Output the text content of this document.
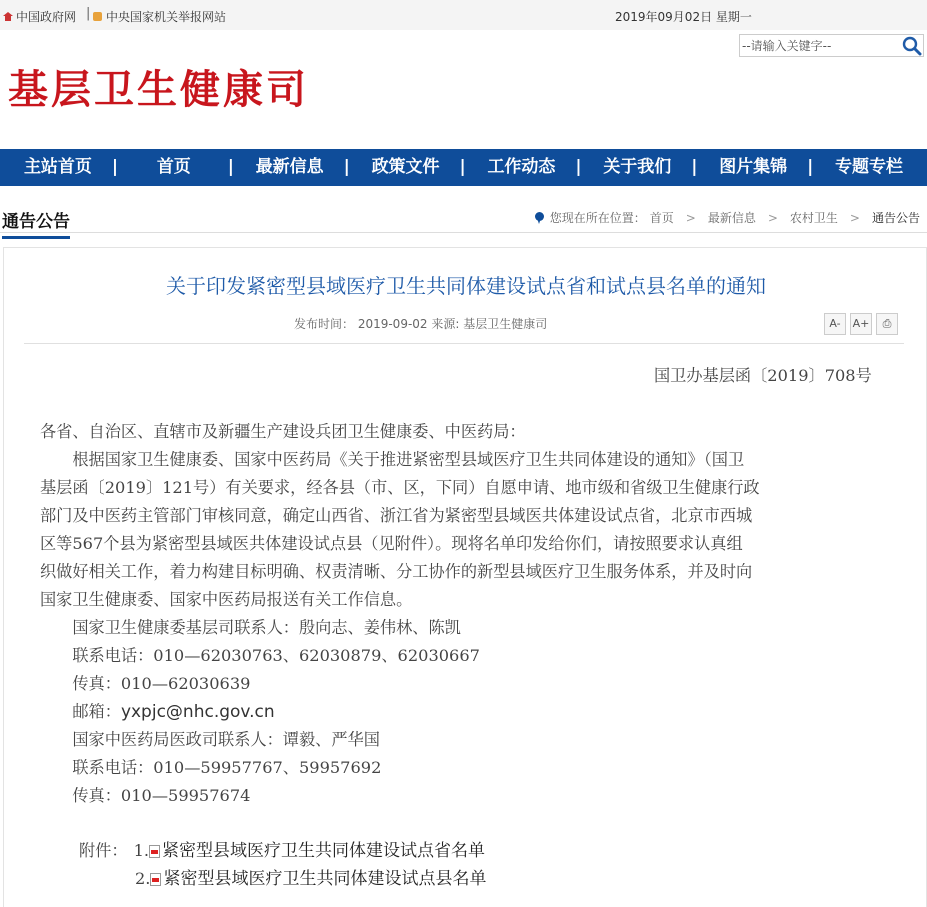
中国政府网 | 中央国家机关举报网站	2019年09月02日 星期一
--请输入关键字--
基层卫生健康司
主站首页	| 首页	| 最新信息	| 政策文件	| 工作动态	| 关于我们	| 图片集锦	| 专题专栏
通告公告	您现在所在位置： 首页 > 最新信息 > 农村卫生 > 通告公告
关于印发紧密型县域医疗卫生共同体建设试点省和试点县名单的通知
发布时间： 2019-09-02 来源: 基层卫生健康司	A-	A+	⎙
国卫办基层函〔2019〕708号

各省、自治区、直辖市及新疆生产建设兵团卫生健康委、中医药局：

　　根据国家卫生健康委、国家中医药局《关于推进紧密型县域医疗卫生共同体建设的通知》（国卫

基层函〔2019〕121号）有关要求，经各县（市、区，下同）自愿申请、地市级和省级卫生健康行政

部门及中医药主管部门审核同意，确定山西省、浙江省为紧密型县域医共体建设试点省，北京市西城

区等567个县为紧密型县域医共体建设试点县（见附件）。现将名单印发给你们，请按照要求认真组

织做好相关工作，着力构建目标明确、权责清晰、分工协作的新型县域医疗卫生服务体系，并及时向

国家卫生健康委、国家中医药局报送有关工作信息。

　　国家卫生健康委基层司联系人：殷向志、姜伟林、陈凯

　　联系电话：010—62030763、62030879、62030667

　　传真：010—62030639

　　邮箱：yxpjc@nhc.gov.cn

　　国家中医药局医政司联系人：谭毅、严华国

　　联系电话：010—59957767、59957692

　　传真：010—59957674

附件： 1. 紧密型县域医疗卫生共同体建设试点省名单
2. 紧密型县域医疗卫生共同体建设试点县名单
